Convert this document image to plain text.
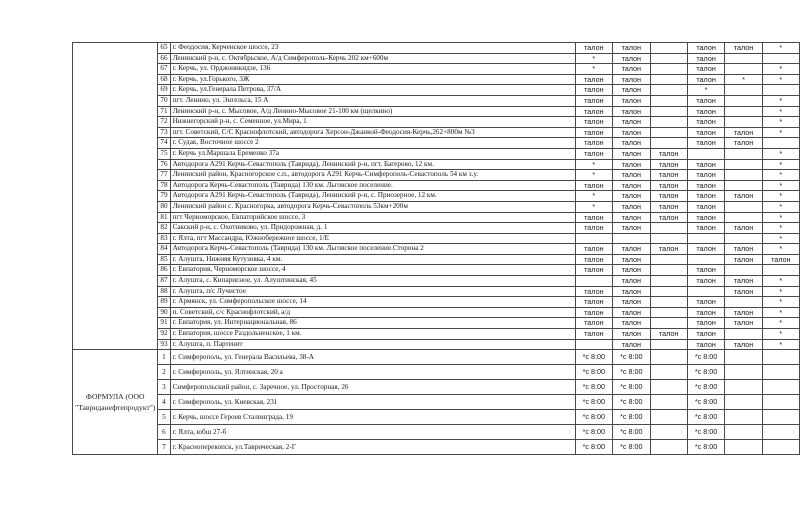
	65	г. Феодосия, Керченское шоссе, 23	талон	талон		талон	талон	*
	66	Ленинский р-н, с. Октябрьское, А/д Симферополь-Керчь 202 км+600м	*	талон		талон		
	67	г. Керчь, ул. Орджоникидзе, 136	*	талон		талон		*
	68	г. Керчь, ул.Горького, 3Ж	талон	талон		талон	*	*
	69	г. Керчь, ул.Генерала Петрова, 37/А	талон	талон		*		
	70	пгт. Ленино, ул. Энгельса, 15 А	талон	талон		талон		*
	71	Ленинский р-н, с. Мысовое, А/д Ленино-Мысовое 21-100 км (щелкино)	талон	талон		талон		*
	72	Нижнегорский р-н, с. Семенное, ул.Мира, 1	талон	талон		талон		*
	73	пгт. Советский, С/С Краснофлотский, автодорога Херсон-Джанкой-Феодосия-Керчь,262+800м №3	талон	талон		талон	талон	*
	74	г. Судак, Восточное шоссе 2	талон	талон		талон	талон	
	75	г. Керчь ул.Маршала Еременко 37а	талон	талон	талон			*
	76	Автодорога А291 Керчь-Севастополь (Таврида), Ленинский р-н, пгт. Багерово, 12 км.	*	талон	талон	талон		*
	77	Ленинский район, Красногорское с.п., автодорога А291 Керчь-Симферополь-Севастополь 54 км з.у.	*	талон	талон	талон		*
	78	Автодорога Керчь-Севастополь (Таврида) 130 км. Льговское поселение.	талон	талон	талон	талон		*
	79	Автодорога А291 Керчь-Севастополь (Таврида), Ленинский р-н, с. Приозерное, 12 км.	*	талон	талон	талон	талон	*
	80	Ленинский район с. Красногорка, автодорога Керчь-Севастополь 53км+200м	*	талон	талон	талон		*
	81	пгт Черноморское, Евпаторийское шоссе, 3	талон	талон	талон	талон		*
	82	Сакский р-н, с. Охотниково, ул. Придорожная, д. 1	талон	талон		талон	талон	*
	83	г. Ялта, пгт Массандра, Южнобережное шоссе, 1/Е						*
	84	Автодорога Керчь-Севастополь (Таврида) 130 км. Льговское поселение.Сторона 2	талон	талон	талон	талон	талон	*
	85	г. Алушта, Нижняя Кутузовка, 4 км.	талон	талон			талон	талон
	86	г. Евпатория, Черноморское шоссе, 4	талон	талон		талон		
	87	г. Алушта, с. Кипарисное, ул. Алуштинская, 45		талон		талон	талон	*
	88	г. Алушта, п/с Лучистое	талон	талон			талон	*
	89	г. Армянск, ул. Симферопольское шоссе, 14	талон	талон		талон		*
	90	п. Советский, с/с Краснофлотский, а/д	талон	талон		талон	талон	*
	91	г. Евпатория, ул. Интернациональная, 86	талон	талон		талон	талон	*
	92	г. Евпатория, шоссе Раздольненское, 1 км.	талон	талон	талон	талон		*
	93	г. Алушта, п. Партенит		талон		талон	талон	*
ФОРМУЛА (ООО "Тавриданефтепродукт")	1	г. Симферополь, ул. Генерала Васильева, 38-А	*c 8:00	*c 8:00		*c 8:00		
	2	г. Симферополь, ул. Ялтинская, 20 а	*c 8:00	*c 8:00		*c 8:00		
	3	Симферопольский район, с. Заречное, ул. Просторная, 26	*c 8:00	*c 8:00		*c 8:00		
	4	г. Симферополь, ул. Киевская, 231	*c 8:00	*c 8:00		*c 8:00		
	5	г. Керчь, шоссе Героев Сталинграда, 19	*c 8:00	*c 8:00		*c 8:00		
	6	г. Ялта, юбш 27-б	*c 8:00	*c 8:00		*c 8:00		
	7	г. Красноперекопск, ул.Таврическая, 2-Г	*c 8:00	*c 8:00		*c 8:00		
